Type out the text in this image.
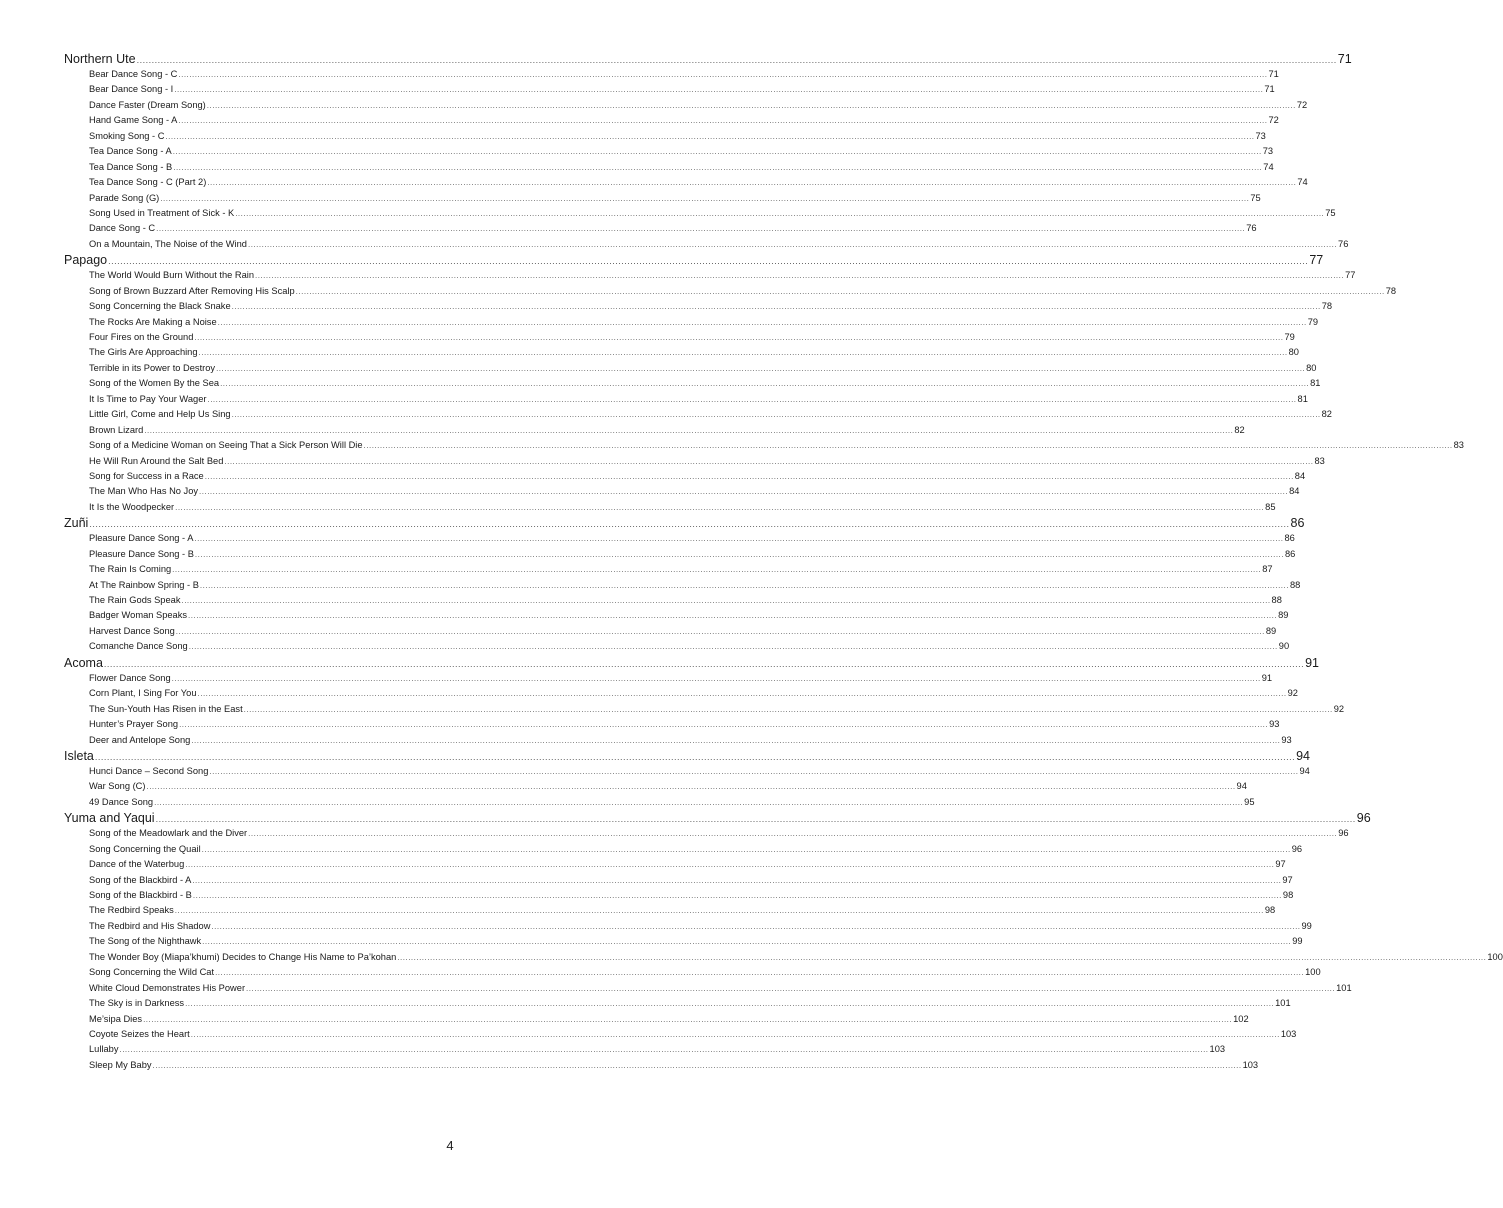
Northern Ute ................................................................................................................................................................................................................................................................................................................................................................................................................ 71
Bear Dance Song - C ................................................................................................................................................................................................................................................................................................................................................................................................................ 71
Bear Dance Song - I ................................................................................................................................................................................................................................................................................................................................................................................................................ 71
Dance Faster (Dream Song) ................................................................................................................................................................................................................................................................................................................................................................................................................ 72
Hand Game Song - A ................................................................................................................................................................................................................................................................................................................................................................................................................ 72
Smoking Song - C ................................................................................................................................................................................................................................................................................................................................................................................................................ 73
Tea Dance Song - A ................................................................................................................................................................................................................................................................................................................................................................................................................ 73
Tea Dance Song - B ................................................................................................................................................................................................................................................................................................................................................................................................................ 74
Tea Dance Song - C (Part 2) ................................................................................................................................................................................................................................................................................................................................................................................................................ 74
Parade Song (G) ................................................................................................................................................................................................................................................................................................................................................................................................................ 75
Song Used in Treatment of Sick - K ................................................................................................................................................................................................................................................................................................................................................................................................................ 75
Dance Song - C ................................................................................................................................................................................................................................................................................................................................................................................................................ 76
On a Mountain, The Noise of the Wind ................................................................................................................................................................................................................................................................................................................................................................................................................ 76
Papago ................................................................................................................................................................................................................................................................................................................................................................................................................ 77
The World Would Burn Without the Rain ................................................................................................................................................................................................................................................................................................................................................................................................................ 77
Song of Brown Buzzard After Removing His Scalp ................................................................................................................................................................................................................................................................................................................................................................................................................ 78
Song Concerning the Black Snake ................................................................................................................................................................................................................................................................................................................................................................................................................ 78
The Rocks Are Making a Noise ................................................................................................................................................................................................................................................................................................................................................................................................................ 79
Four Fires on the Ground ................................................................................................................................................................................................................................................................................................................................................................................................................ 79
The Girls Are Approaching ................................................................................................................................................................................................................................................................................................................................................................................................................ 80
Terrible in its Power to Destroy ................................................................................................................................................................................................................................................................................................................................................................................................................ 80
Song of the Women By the Sea ................................................................................................................................................................................................................................................................................................................................................................................................................ 81
It Is Time to Pay Your Wager ................................................................................................................................................................................................................................................................................................................................................................................................................ 81
Little Girl, Come and Help Us Sing ................................................................................................................................................................................................................................................................................................................................................................................................................ 82
Brown Lizard ................................................................................................................................................................................................................................................................................................................................................................................................................ 82
Song of a Medicine Woman on Seeing That a Sick Person Will Die ................................................................................................................................................................................................................................................................................................................................................................................................................ 83
He Will Run Around the Salt Bed ................................................................................................................................................................................................................................................................................................................................................................................................................ 83
Song for Success in a Race ................................................................................................................................................................................................................................................................................................................................................................................................................ 84
The Man Who Has No Joy ................................................................................................................................................................................................................................................................................................................................................................................................................ 84
It Is the Woodpecker ................................................................................................................................................................................................................................................................................................................................................................................................................ 85
Zuñi ................................................................................................................................................................................................................................................................................................................................................................................................................ 86
Pleasure Dance Song - A ................................................................................................................................................................................................................................................................................................................................................................................................................ 86
Pleasure Dance Song - B ................................................................................................................................................................................................................................................................................................................................................................................................................ 86
The Rain Is Coming ................................................................................................................................................................................................................................................................................................................................................................................................................ 87
At The Rainbow Spring - B ................................................................................................................................................................................................................................................................................................................................................................................................................ 88
The Rain Gods Speak ................................................................................................................................................................................................................................................................................................................................................................................................................ 88
Badger Woman Speaks ................................................................................................................................................................................................................................................................................................................................................................................................................ 89
Harvest Dance Song ................................................................................................................................................................................................................................................................................................................................................................................................................ 89
Comanche Dance Song ................................................................................................................................................................................................................................................................................................................................................................................................................ 90
Acoma ................................................................................................................................................................................................................................................................................................................................................................................................................ 91
Flower Dance Song ................................................................................................................................................................................................................................................................................................................................................................................................................ 91
Corn Plant, I Sing For You ................................................................................................................................................................................................................................................................................................................................................................................................................ 92
The Sun-Youth Has Risen in the East ................................................................................................................................................................................................................................................................................................................................................................................................................ 92
Hunter’s Prayer Song ................................................................................................................................................................................................................................................................................................................................................................................................................ 93
Deer and Antelope Song ................................................................................................................................................................................................................................................................................................................................................................................................................ 93
Isleta ................................................................................................................................................................................................................................................................................................................................................................................................................ 94
Hunci Dance – Second Song ................................................................................................................................................................................................................................................................................................................................................................................................................ 94
War Song (C) ................................................................................................................................................................................................................................................................................................................................................................................................................ 94
49 Dance Song ................................................................................................................................................................................................................................................................................................................................................................................................................ 95
Yuma and Yaqui ................................................................................................................................................................................................................................................................................................................................................................................................................ 96
Song of the Meadowlark and the Diver ................................................................................................................................................................................................................................................................................................................................................................................................................ 96
Song Concerning the Quail ................................................................................................................................................................................................................................................................................................................................................................................................................ 96
Dance of the Waterbug ................................................................................................................................................................................................................................................................................................................................................................................................................ 97
Song of the Blackbird - A ................................................................................................................................................................................................................................................................................................................................................................................................................ 97
Song of the Blackbird - B ................................................................................................................................................................................................................................................................................................................................................................................................................ 98
The Redbird Speaks ................................................................................................................................................................................................................................................................................................................................................................................................................ 98
The Redbird and His Shadow ................................................................................................................................................................................................................................................................................................................................................................................................................ 99
The Song of the Nighthawk ................................................................................................................................................................................................................................................................................................................................................................................................................ 99
The Wonder Boy (Miapa’khumi) Decides to Change His Name to Pa’kohan ................................................................................................................................................................................................................................................................................................................................................................................................................ 100
Song Concerning the Wild Cat ................................................................................................................................................................................................................................................................................................................................................................................................................ 100
White Cloud Demonstrates His Power ................................................................................................................................................................................................................................................................................................................................................................................................................ 101
The Sky is in Darkness ................................................................................................................................................................................................................................................................................................................................................................................................................ 101
Me’sipa Dies ................................................................................................................................................................................................................................................................................................................................................................................................................ 102
Coyote Seizes the Heart ................................................................................................................................................................................................................................................................................................................................................................................................................ 103
Lullaby ................................................................................................................................................................................................................................................................................................................................................................................................................ 103
Sleep My Baby ................................................................................................................................................................................................................................................................................................................................................................................................................ 103
4
